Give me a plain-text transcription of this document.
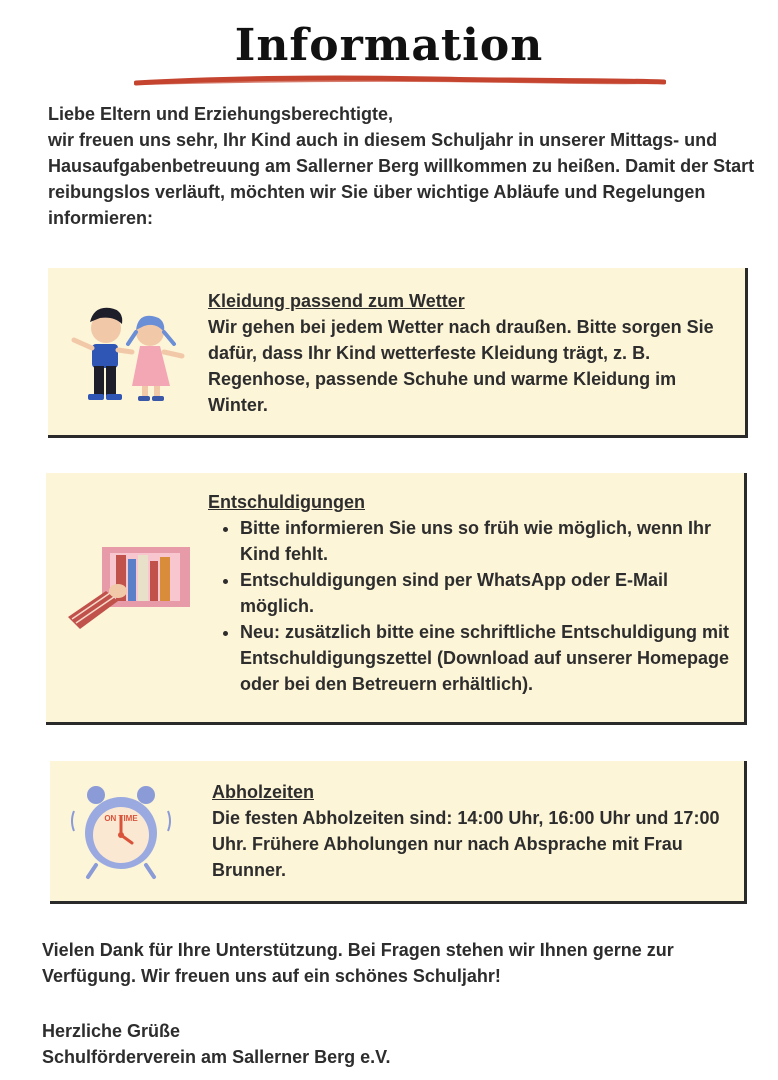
Information

Liebe Eltern und Erziehungsberechtigte,

wir freuen uns sehr, Ihr Kind auch in diesem Schuljahr in unserer Mittags- und Hausaufgabenbetreuung am Sallerner Berg willkommen zu heißen. Damit der Start reibungslos verläuft, möchten wir Sie über wichtige Abläufe und Regelungen informieren:

Kleidung passend zum Wetter
Wir gehen bei jedem Wetter nach draußen. Bitte sorgen Sie dafür, dass Ihr Kind wetterfeste Kleidung trägt, z. B. Regenhose, passende Schuhe und warme Kleidung im Winter.
Entschuldigungen
• Bitte informieren Sie uns so früh wie möglich, wenn Ihr Kind fehlt.
• Entschuldigungen sind per WhatsApp oder E-Mail möglich.
• Neu: zusätzlich bitte eine schriftliche Entschuldigung mit Entschuldigungszettel (Download auf unserer Homepage oder bei den Betreuern erhältlich).
ON TIME
Abholzeiten
Die festen Abholzeiten sind: 14:00 Uhr, 16:00 Uhr und 17:00 Uhr. Frühere Abholungen nur nach Absprache mit Frau Brunner.

Vielen Dank für Ihre Unterstützung. Bei Fragen stehen wir Ihnen gerne zur Verfügung. Wir freuen uns auf ein schönes Schuljahr!

Herzliche Grüße

Schulförderverein am Sallerner Berg e.V.
